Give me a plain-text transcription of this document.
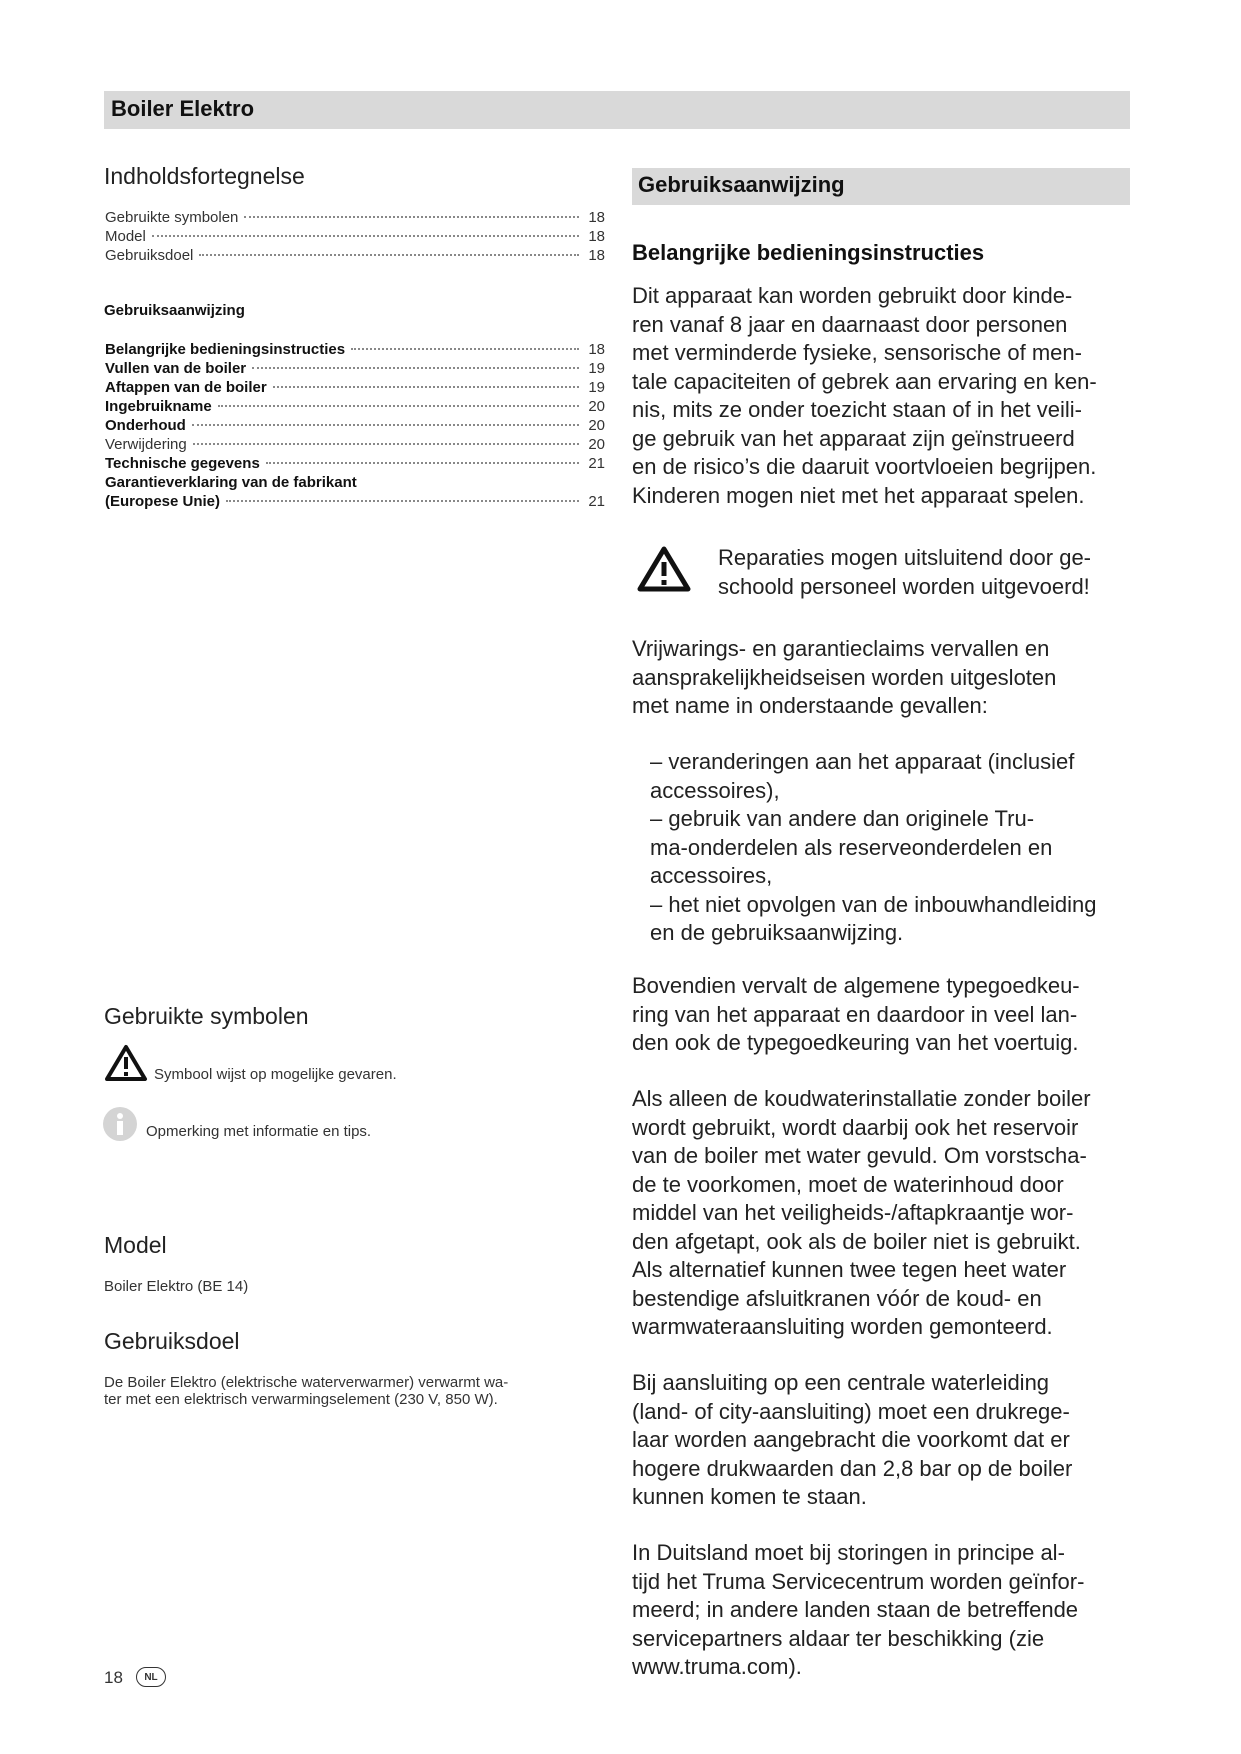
Boiler Elektro
Indholdsfortegnelse
Gebruikte symbolen	18
Model	18
Gebruiksdoel	18
Gebruiksaanwijzing
Belangrijke bedieningsinstructies	18
Vullen van de boiler	19
Aftappen van de boiler	19
Ingebruikname	20
Onderhoud	20
Verwijdering	20
Technische gegevens	21
Garantieverklaring van de fabrikant
(Europese Unie)	21
Gebruikte symbolen
Symbool wijst op mogelijke gevaren.
Opmerking met informatie en tips.
Model
Boiler Elektro (BE 14)
Gebruiksdoel
De Boiler Elektro (elektrische waterverwarmer) verwarmt wa-
ter met een elektrisch verwarmingselement (230 V, 850 W).
18	NL
Gebruiksaanwijzing
Belangrijke bedieningsinstructies
Dit apparaat kan worden gebruikt door kinde-
ren vanaf 8 jaar en daarnaast door personen
met verminderde fysieke, sensorische of men-
tale capaciteiten of gebrek aan ervaring en ken-
nis, mits ze onder toezicht staan of in het veili-
ge gebruik van het apparaat zijn geïnstrueerd
en de risico’s die daaruit voortvloeien begrijpen.
Kinderen mogen niet met het apparaat spelen.
Reparaties mogen uitsluitend door ge-
schoold personeel worden uitgevoerd!
Vrijwarings- en garantieclaims vervallen en
aansprakelijkheidseisen worden uitgesloten
met name in onderstaande gevallen:
– veranderingen aan het apparaat (inclusief
accessoires),
– gebruik van andere dan originele Tru-
ma-onderdelen als reserveonderdelen en
accessoires,
– het niet opvolgen van de inbouwhandleiding
en de gebruiksaanwijzing.
Bovendien vervalt de algemene typegoedkeu-
ring van het apparaat en daardoor in veel lan-
den ook de typegoedkeuring van het voertuig.
Als alleen de koudwaterinstallatie zonder boiler
wordt gebruikt, wordt daarbij ook het reservoir
van de boiler met water gevuld. Om vorstscha-
de te voorkomen, moet de waterinhoud door
middel van het veiligheids-/aftapkraantje wor-
den afgetapt, ook als de boiler niet is gebruikt.
Als alternatief kunnen twee tegen heet water
bestendige afsluitkranen vóór de koud- en
warmwateraansluiting worden gemonteerd.
Bij aansluiting op een centrale waterleiding
(land- of city-aansluiting) moet een drukrege-
laar worden aangebracht die voorkomt dat er
hogere drukwaarden dan 2,8 bar op de boiler
kunnen komen te staan.
In Duitsland moet bij storingen in principe al-
tijd het Truma Servicecentrum worden geïnfor-
meerd; in andere landen staan de betreffende
servicepartners aldaar ter beschikking (zie
www.truma.com).
